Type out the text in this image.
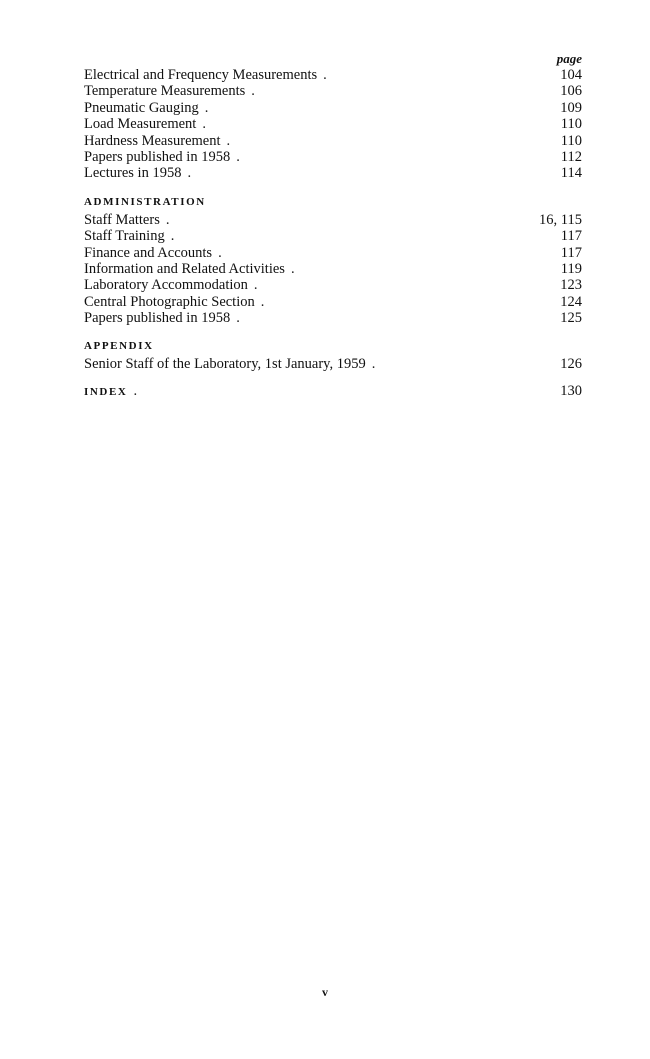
page
Electrical and Frequency Measurements .	104
Temperature Measurements .	106
Pneumatic Gauging .	109
Load Measurement .	110
Hardness Measurement .	110
Papers published in 1958 .	112
Lectures in 1958 .	114
ADMINISTRATION
Staff Matters .	16, 115
Staff Training .	117
Finance and Accounts .	117
Information and Related Activities .	119
Laboratory Accommodation .	123
Central Photographic Section .	124
Papers published in 1958 .	125
APPENDIX
Senior Staff of the Laboratory, 1st January, 1959 .	126
INDEX .	130
v
